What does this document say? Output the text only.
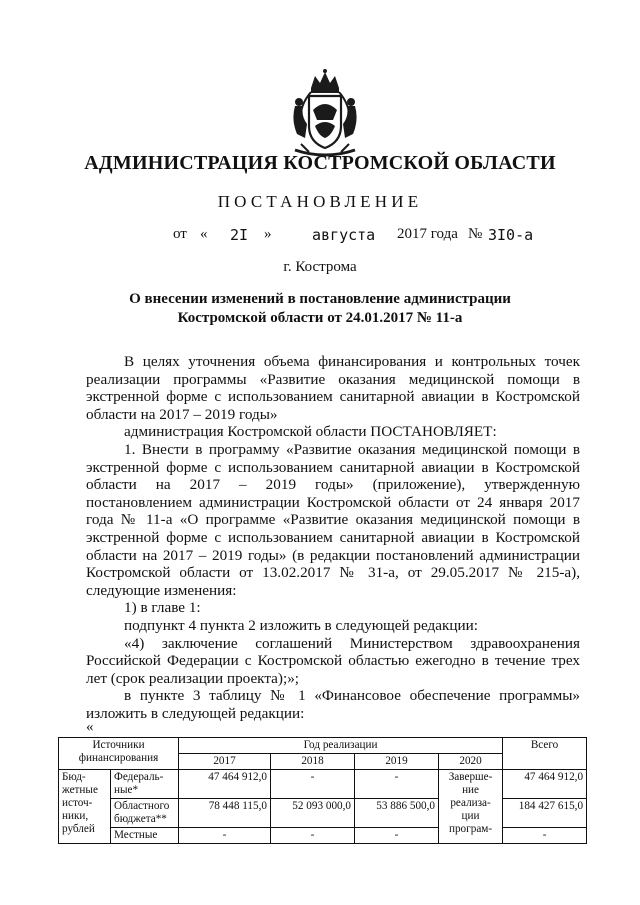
АДМИНИСТРАЦИЯ КОСТРОМСКОЙ ОБЛАСТИ
ПОСТАНОВЛЕНИЕ
от « 2I »	августа 2017 года № 3I0-а
г. Кострома
О внесении изменений в постановление администрации
Костромской области от 24.01.2017 № 11-а

В целях уточнения объема финансирования и контрольных точек реализации программы «Развитие оказания медицинской помощи в экстренной форме с использованием санитарной авиации в Костромской области на 2017 – 2019 годы»

администрация Костромской области ПОСТАНОВЛЯЕТ:

1. Внести в программу «Развитие оказания медицинской помощи в экстренной форме с использованием санитарной авиации в Костромской области на 2017 – 2019 годы» (приложение), утвержденную постановлением администрации Костромской области от 24 января 2017 года № 11-а «О программе «Развитие оказания медицинской помощи в экстренной форме с использованием санитарной авиации в Костромской области на 2017 – 2019 годы» (в редакции постановлений администрации Костромской области от 13.02.2017 № 31-а, от 29.05.2017 № 215-а), следующие изменения:

1) в главе 1:

подпункт 4 пункта 2 изложить в следующей редакции:

«4) заключение соглашений Министерством здравоохранения Российской Федерации с Костромской областью ежегодно в течение трех лет (срок реализации проекта);»;

в пункте 3 таблицу № 1 «Финансовое обеспечение программы» изложить в следующей редакции:

«
Источники финансирования		Год реализации				Всего
		2017	2018	2019	2020	
Бюд-жетные источ-ники, рублей	Федераль-ные*	47 464 912,0	-	-	Заверше-ние реализа-ции програм-	47 464 912,0
	Областного бюджета**	78 448 115,0	52 093 000,0	53 886 500,0		184 427 615,0
	Местные	-	-	-		-
